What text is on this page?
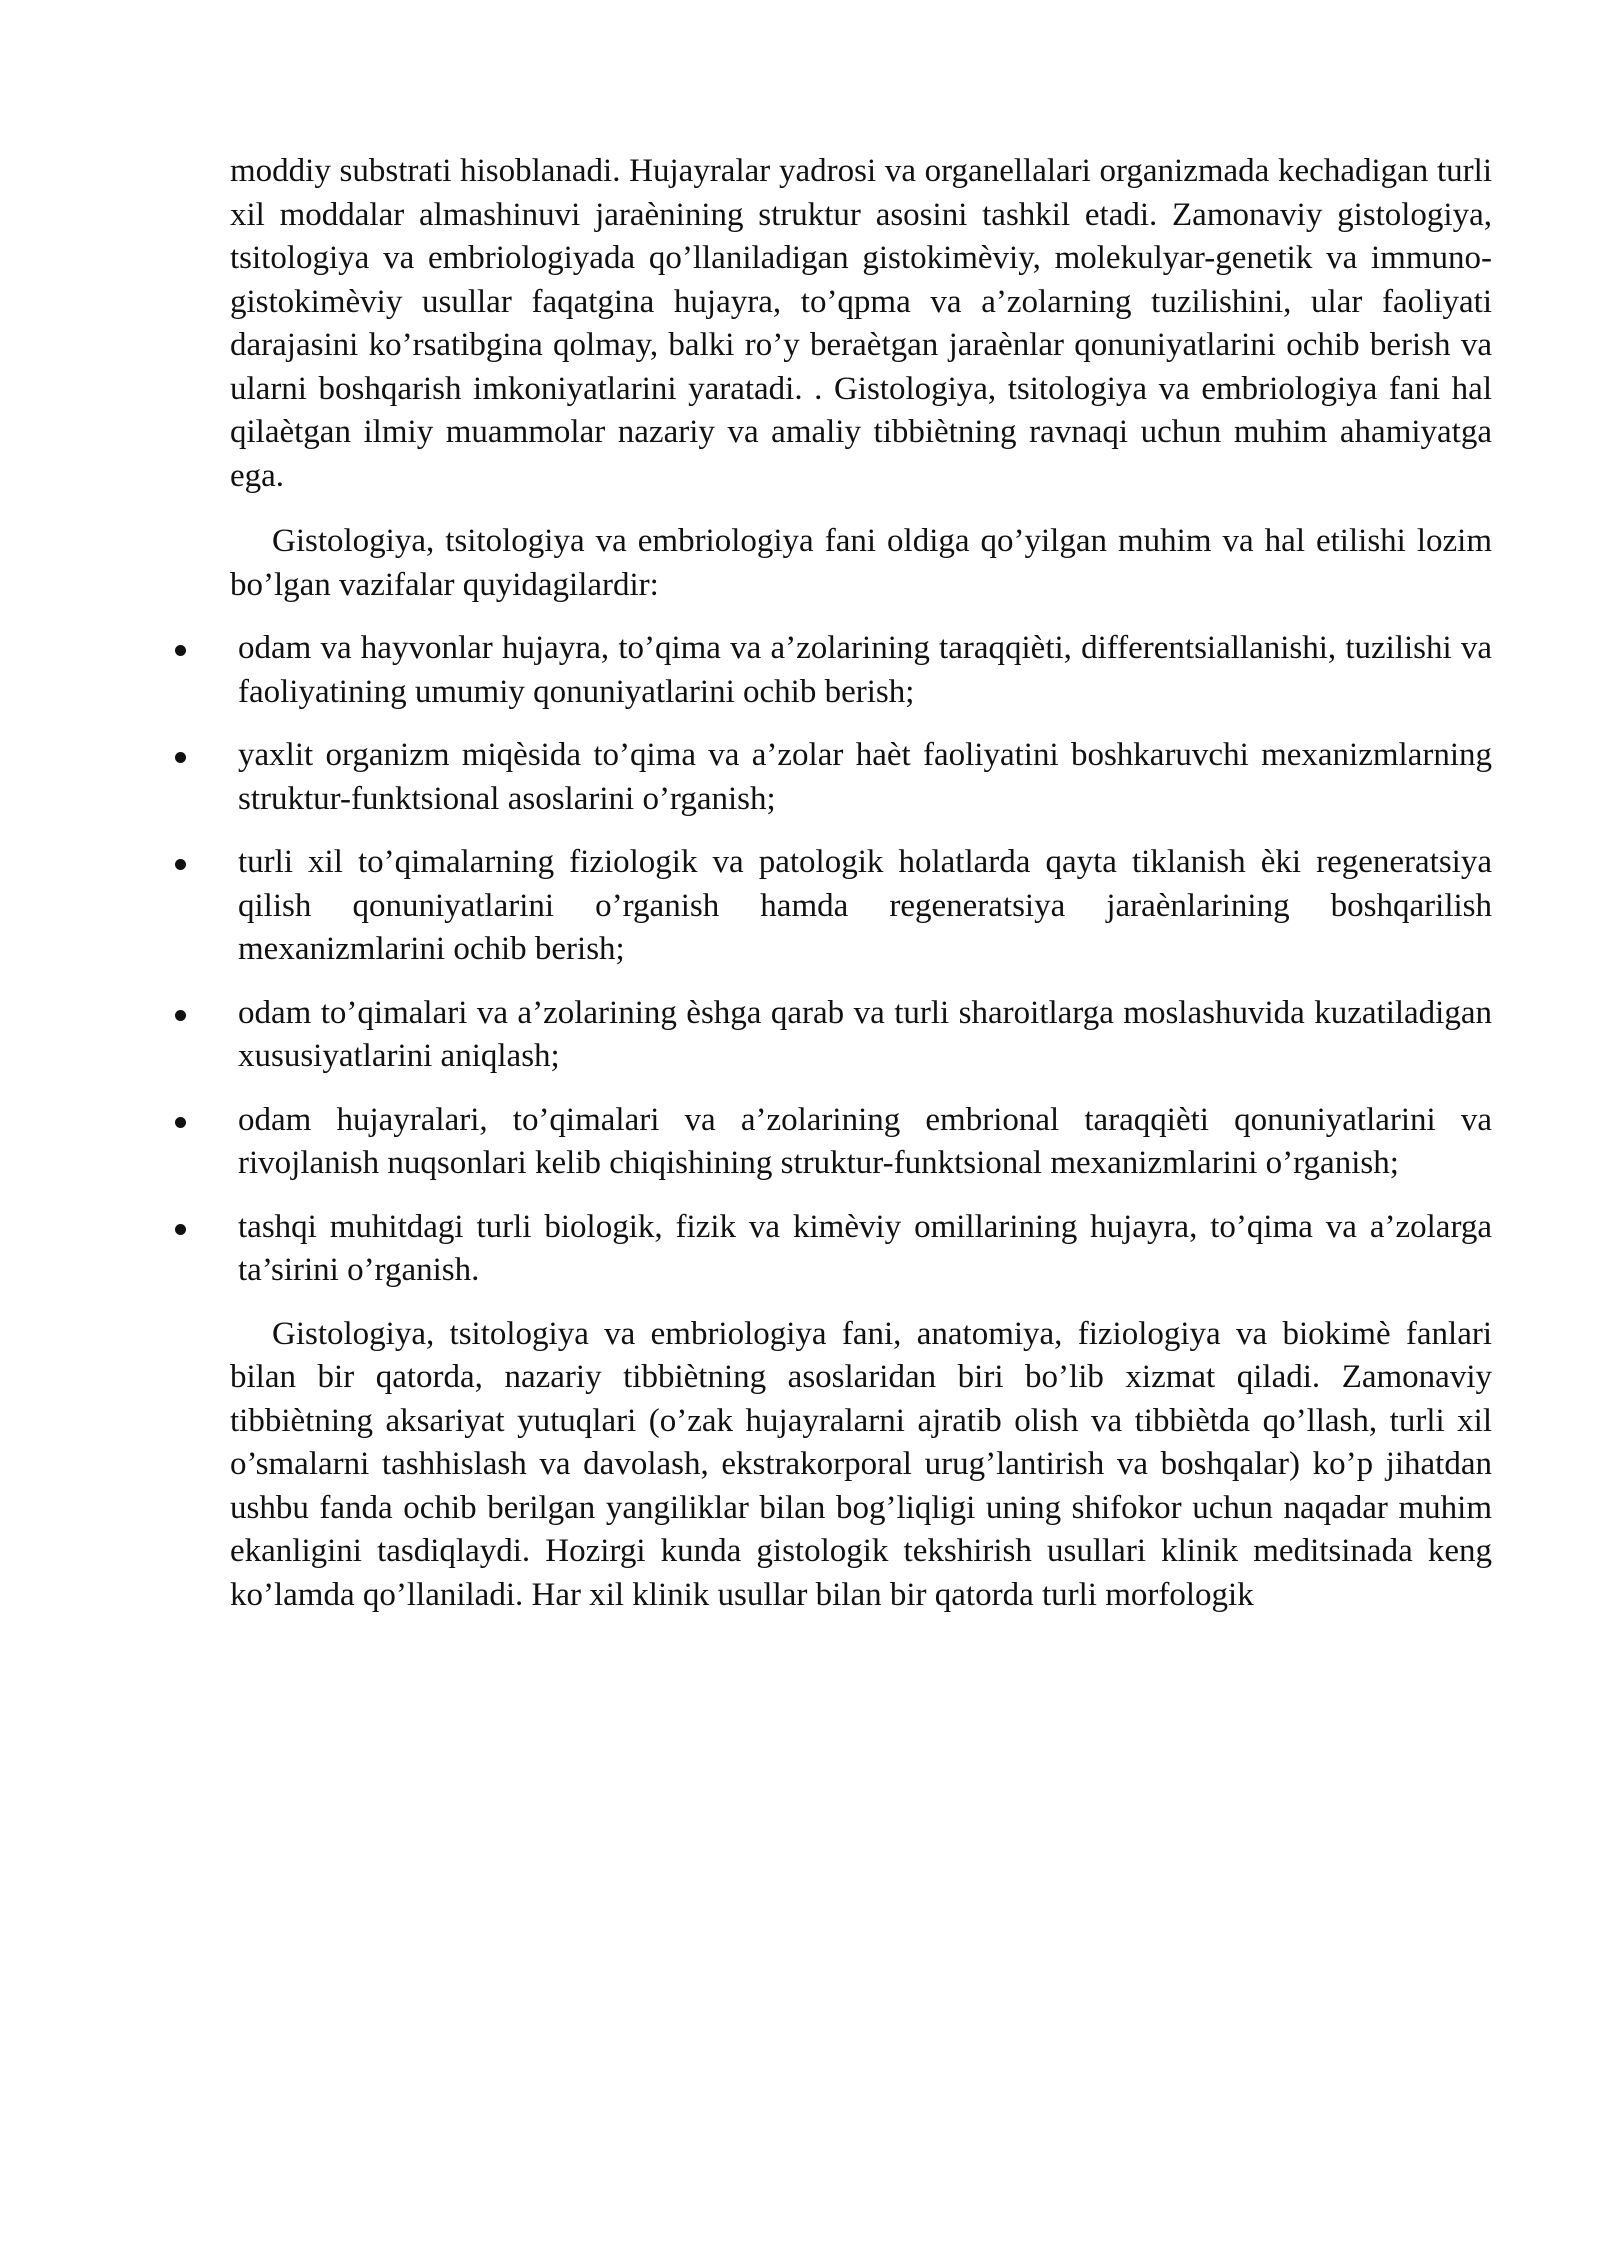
moddiy substrati hisoblanadi. Hujayralar yadrosi va organellalari organizmada kechadigan turli xil moddalar almashinuvi jaraènining struktur asosini tashkil etadi. Zamonaviy gistologiya, tsitologiya va embriologiyada qo’llaniladigan gistokimèviy, molekulyar-genetik va immuno-gistokimèviy usullar faqatgina hujayra, to’qpma va a’zolarning tuzilishini, ular faoliyati darajasini ko’rsatibgina qolmay, balki ro’y beraètgan jaraènlar qonuniyatlarini ochib berish va ularni boshqarish imkoniyatlarini yaratadi. . Gistologiya, tsitologiya va embriologiya fani hal qilaètgan ilmiy muammolar nazariy va amaliy tibbiètning ravnaqi uchun muhim ahamiyatga ega.

Gistologiya, tsitologiya va embriologiya fani oldiga qo’yilgan muhim va hal etilishi lozim bo’lgan vazifalar quyidagilardir:

odam va hayvonlar hujayra, to’qima va a’zolarining taraqqièti, differentsiallanishi, tuzilishi va faoliyatining umumiy qonuniyatlarini ochib berish;
yaxlit organizm miqèsida to’qima va a’zolar haèt faoliyatini boshkaruvchi mexanizmlarning struktur-funktsional asoslarini o’rganish;
turli xil to’qimalarning fiziologik va patologik holatlarda qayta tiklanish èki regeneratsiya qilish qonuniyatlarini o’rganish hamda regeneratsiya jaraènlarining boshqarilish mexanizmlarini ochib berish;
odam to’qimalari va a’zolarining èshga qarab va turli sharoitlarga moslashuvida kuzatiladigan xususiyatlarini aniqlash;
odam hujayralari, to’qimalari va a’zolarining embrional taraqqièti qonuniyatlarini va rivojlanish nuqsonlari kelib chiqishining struktur-funktsional mexanizmlarini o’rganish;
tashqi muhitdagi turli biologik, fizik va kimèviy omillarining hujayra, to’qima va a’zolarga ta’sirini o’rganish.

Gistologiya, tsitologiya va embriologiya fani, anatomiya, fiziologiya va biokimè fanlari bilan bir qatorda, nazariy tibbiètning asoslaridan biri bo’lib xizmat qiladi. Zamonaviy tibbiètning aksariyat yutuqlari (o’zak hujayralarni ajratib olish va tibbiètda qo’llash, turli xil o’smalarni tashhislash va davolash, ekstrakorporal urug’lantirish va boshqalar) ko’p jihatdan ushbu fanda ochib berilgan yangiliklar bilan bog’liqligi uning shifokor uchun naqadar muhim ekanligini tasdiqlaydi. Hozirgi kunda gistologik tekshirish usullari klinik meditsinada keng ko’lamda qo’llaniladi. Har xil klinik usullar bilan bir qatorda turli morfologik
